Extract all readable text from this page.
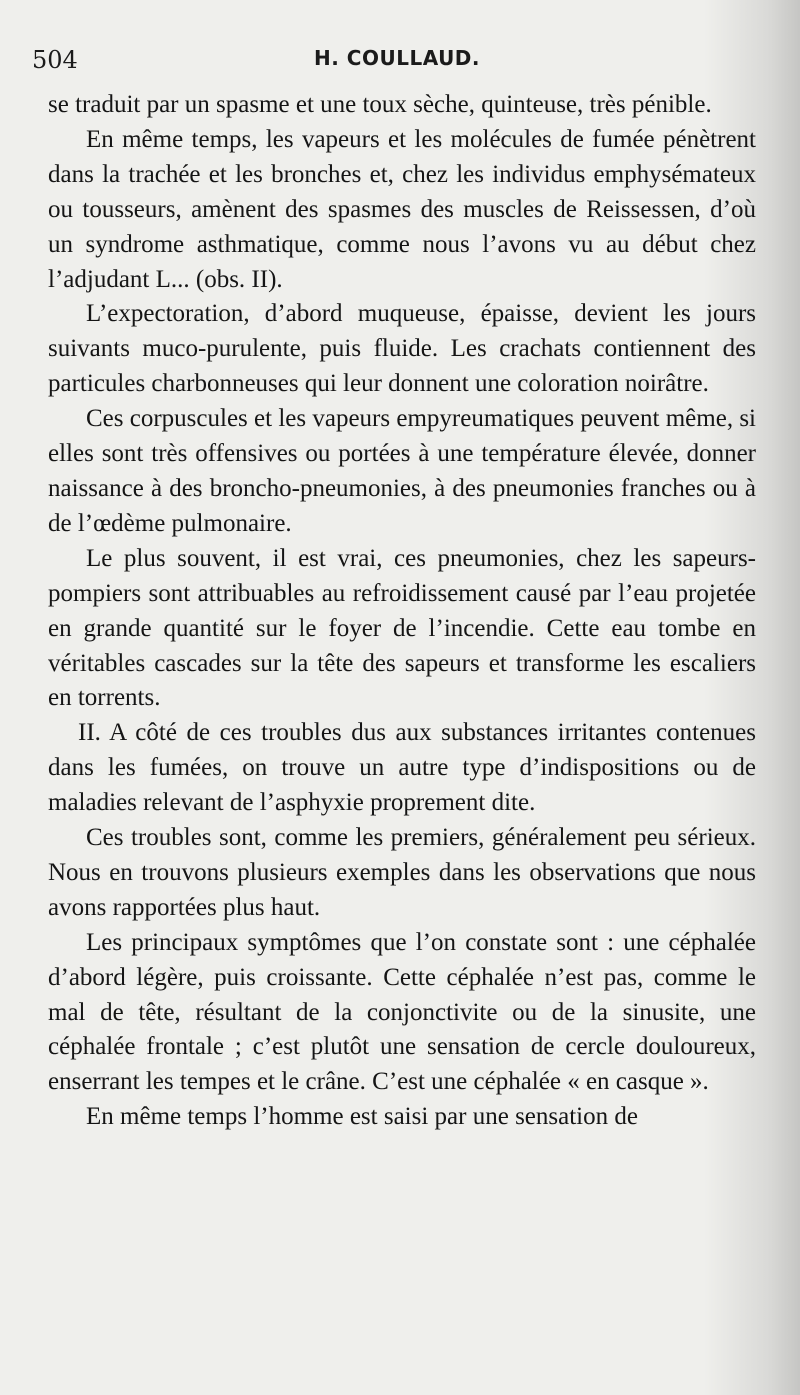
504	H. COULLAUD.

se traduit par un spasme et une toux sèche, quinteuse, très pénible.

En même temps, les vapeurs et les molécules de fumée pénètrent dans la trachée et les bronches et, chez les individus emphysémateux ou tousseurs, amènent des spasmes des muscles de Reissessen, d’où un syndrome asthmatique, comme nous l’avons vu au début chez l’adjudant L... (obs. II).

L’expectoration, d’abord muqueuse, épaisse, devient les jours suivants muco-purulente, puis fluide. Les crachats contiennent des particules charbonneuses qui leur donnent une coloration noirâtre.

Ces corpuscules et les vapeurs empyreumatiques peuvent même, si elles sont très offensives ou portées à une température élevée, donner naissance à des broncho-pneumonies, à des pneumonies franches ou à de l’œdème pulmonaire.

Le plus souvent, il est vrai, ces pneumonies, chez les sapeurs-pompiers sont attribuables au refroidissement causé par l’eau projetée en grande quantité sur le foyer de l’incendie. Cette eau tombe en véritables cascades sur la tête des sapeurs et transforme les escaliers en torrents.

II. A côté de ces troubles dus aux substances irritantes contenues dans les fumées, on trouve un autre type d’indispositions ou de maladies relevant de l’asphyxie proprement dite.

Ces troubles sont, comme les premiers, généralement peu sérieux. Nous en trouvons plusieurs exemples dans les observations que nous avons rapportées plus haut.

Les principaux symptômes que l’on constate sont : une céphalée d’abord légère, puis croissante. Cette céphalée n’est pas, comme le mal de tête, résultant de la conjonctivite ou de la sinusite, une céphalée frontale ; c’est plutôt une sensation de cercle douloureux, enserrant les tempes et le crâne. C’est une céphalée « en casque ».

En même temps l’homme est saisi par une sensation de
